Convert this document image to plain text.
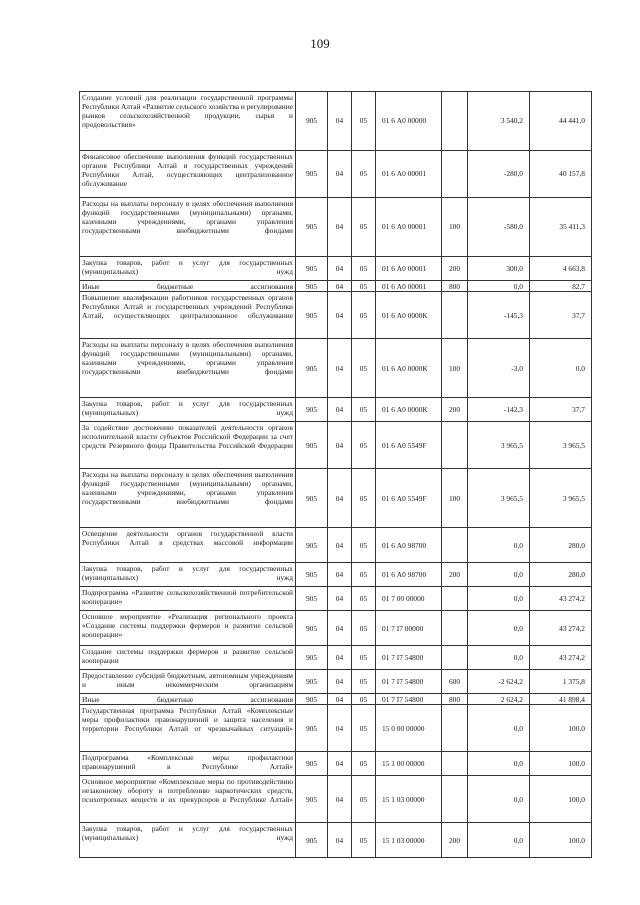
109
Создание условий для реализации государственной программы Республики Алтай «Развитие сельского хозяйства и регулирование рынков сельскохозяйственной продукции, сырья и продовольствия»	905	04	05	01 6 А0 00000		3 540,2	44 441,0
Финансовое обеспечение выполнения функций государственных органов Республики Алтай и государственных учреждений Республики Алтай, осуществляющих централизованное обслуживание	905	04	05	01 6 А0 00001		-280,0	40 157,8
Расходы на выплаты персоналу в целях обеспечения выполнения функций государственными (муниципальными) органами, казенными учреждениями, органами управления государственными внебюджетными фондами	905	04	05	01 6 А0 00001	100	-580,0	35 411,3
Закупка товаров, работ и услуг для государственных (муниципальных) нужд	905	04	05	01 6 А0 00001	200	300,0	4 663,8
Иные бюджетные ассигнования	905	04	05	01 6 А0 00001	800	0,0	82,7
Повышение квалификации работников государственных органов Республики Алтай и государственных учреждений Республики Алтай, осуществляющих централизованное обслуживание	905	04	05	01 6 А0 0000К		-145,3	37,7
Расходы на выплаты персоналу в целях обеспечения выполнения функций государственными (муниципальными) органами, казенными учреждениями, органами управления государственными внебюджетными фондами	905	04	05	01 6 А0 0000К	100	-3,0	0,0
Закупка товаров, работ и услуг для государственных (муниципальных) нужд	905	04	05	01 6 А0 0000К	200	-142,3	37,7
За содействие достижению показателей деятельности органов исполнительной власти субъектов Российской Федерации за счет средств Резервного фонда Правительства Российской Федерации	905	04	05	01 6 А0 5549F		3 965,5	3 965,5
Расходы на выплаты персоналу в целях обеспечения выполнения функций государственными (муниципальными) органами, казенными учреждениями, органами управления государственными внебюджетными фондами	905	04	05	01 6 А0 5549F	100	3 965,5	3 965,5
Освещение деятельности органов государственной власти Республики Алтай в средствах массовой информации	905	04	05	01 6 А0 98700		0,0	280,0
Закупка товаров, работ и услуг для государственных (муниципальных) нужд	905	04	05	01 6 А0 98700	200	0,0	280,0
Подпрограмма «Развитие сельскохозяйственной потребительской кооперации»	905	04	05	01 7 00 00000		0,0	43 274,2
Основное мероприятие «Реализация регионального проекта «Создание системы поддержки фермеров и развитие сельской кооперации»	905	04	05	01 7 I7 00000		0,0	43 274,2
Создание системы поддержки фермеров и развитие сельской кооперации	905	04	05	01 7 I7 54800		0,0	43 274,2
Предоставление субсидий бюджетным, автономным учреждениям и иным некоммерческим организациям	905	04	05	01 7 I7 54800	600	-2 624,2	1 375,8
Иные бюджетные ассигнования	905	04	05	01 7 I7 54800	800	2 624,2	41 898,4
Государственная программа Республики Алтай «Комплексные меры профилактики правонарушений и защита населения и территории Республики Алтай от чрезвычайных ситуаций»	905	04	05	15 0 00 00000		0,0	100,0
Подпрограмма «Комплексные меры профилактики правонарушений в Республике Алтай»	905	04	05	15 1 00 00000		0,0	100,0
Основное мероприятие «Комплексные меры по противодействию незаконному обороту и потреблению наркотических средств, психотропных веществ и их прекурсоров в Республике Алтай»	905	04	05	15 1 03 00000		0,0	100,0
Закупка товаров, работ и услуг для государственных (муниципальных) нужд	905	04	05	15 1 03 00000	200	0,0	100,0
